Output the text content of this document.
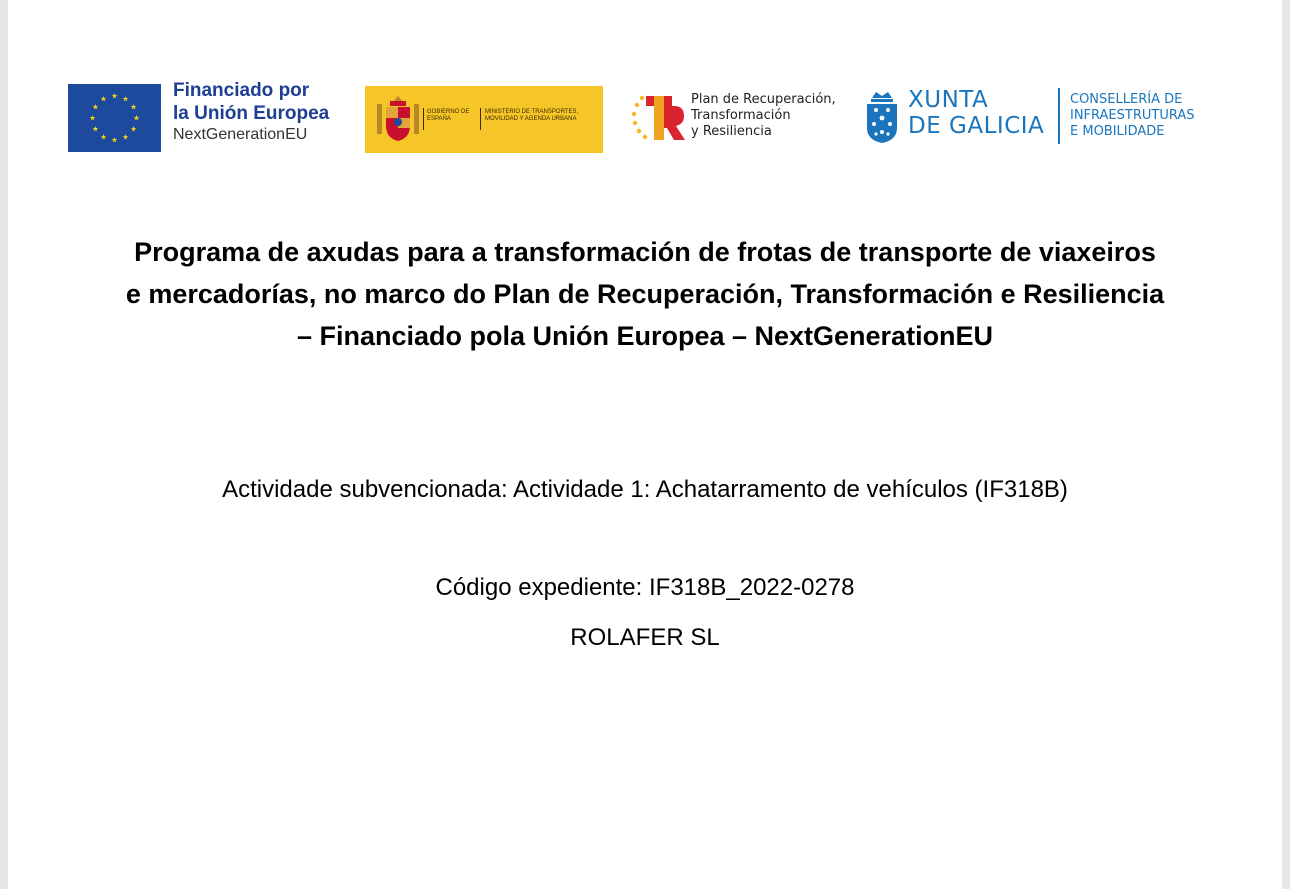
Financiado por
la Unión Europea
NextGenerationEU
GOBIERNO DE ESPAÑA
MINISTERIO DE TRANSPORTES, MOVILIDAD Y AGENDA URBANA
Plan de Recuperación,
Transformación
y Resiliencia
XUNTA
DE GALICIA
CONSELLERÍA DE
INFRAESTRUTURAS
E MOBILIDADE
Programa de axudas para a transformación de frotas de transporte de viaxeiros
e mercadorías, no marco do Plan de Recuperación, Transformación e Resiliencia
– Financiado pola Unión Europea – NextGenerationEU
Actividade subvencionada: Actividade 1: Achatarramento de vehículos (IF318B)
Código expediente: IF318B_2022-0278
ROLAFER SL
